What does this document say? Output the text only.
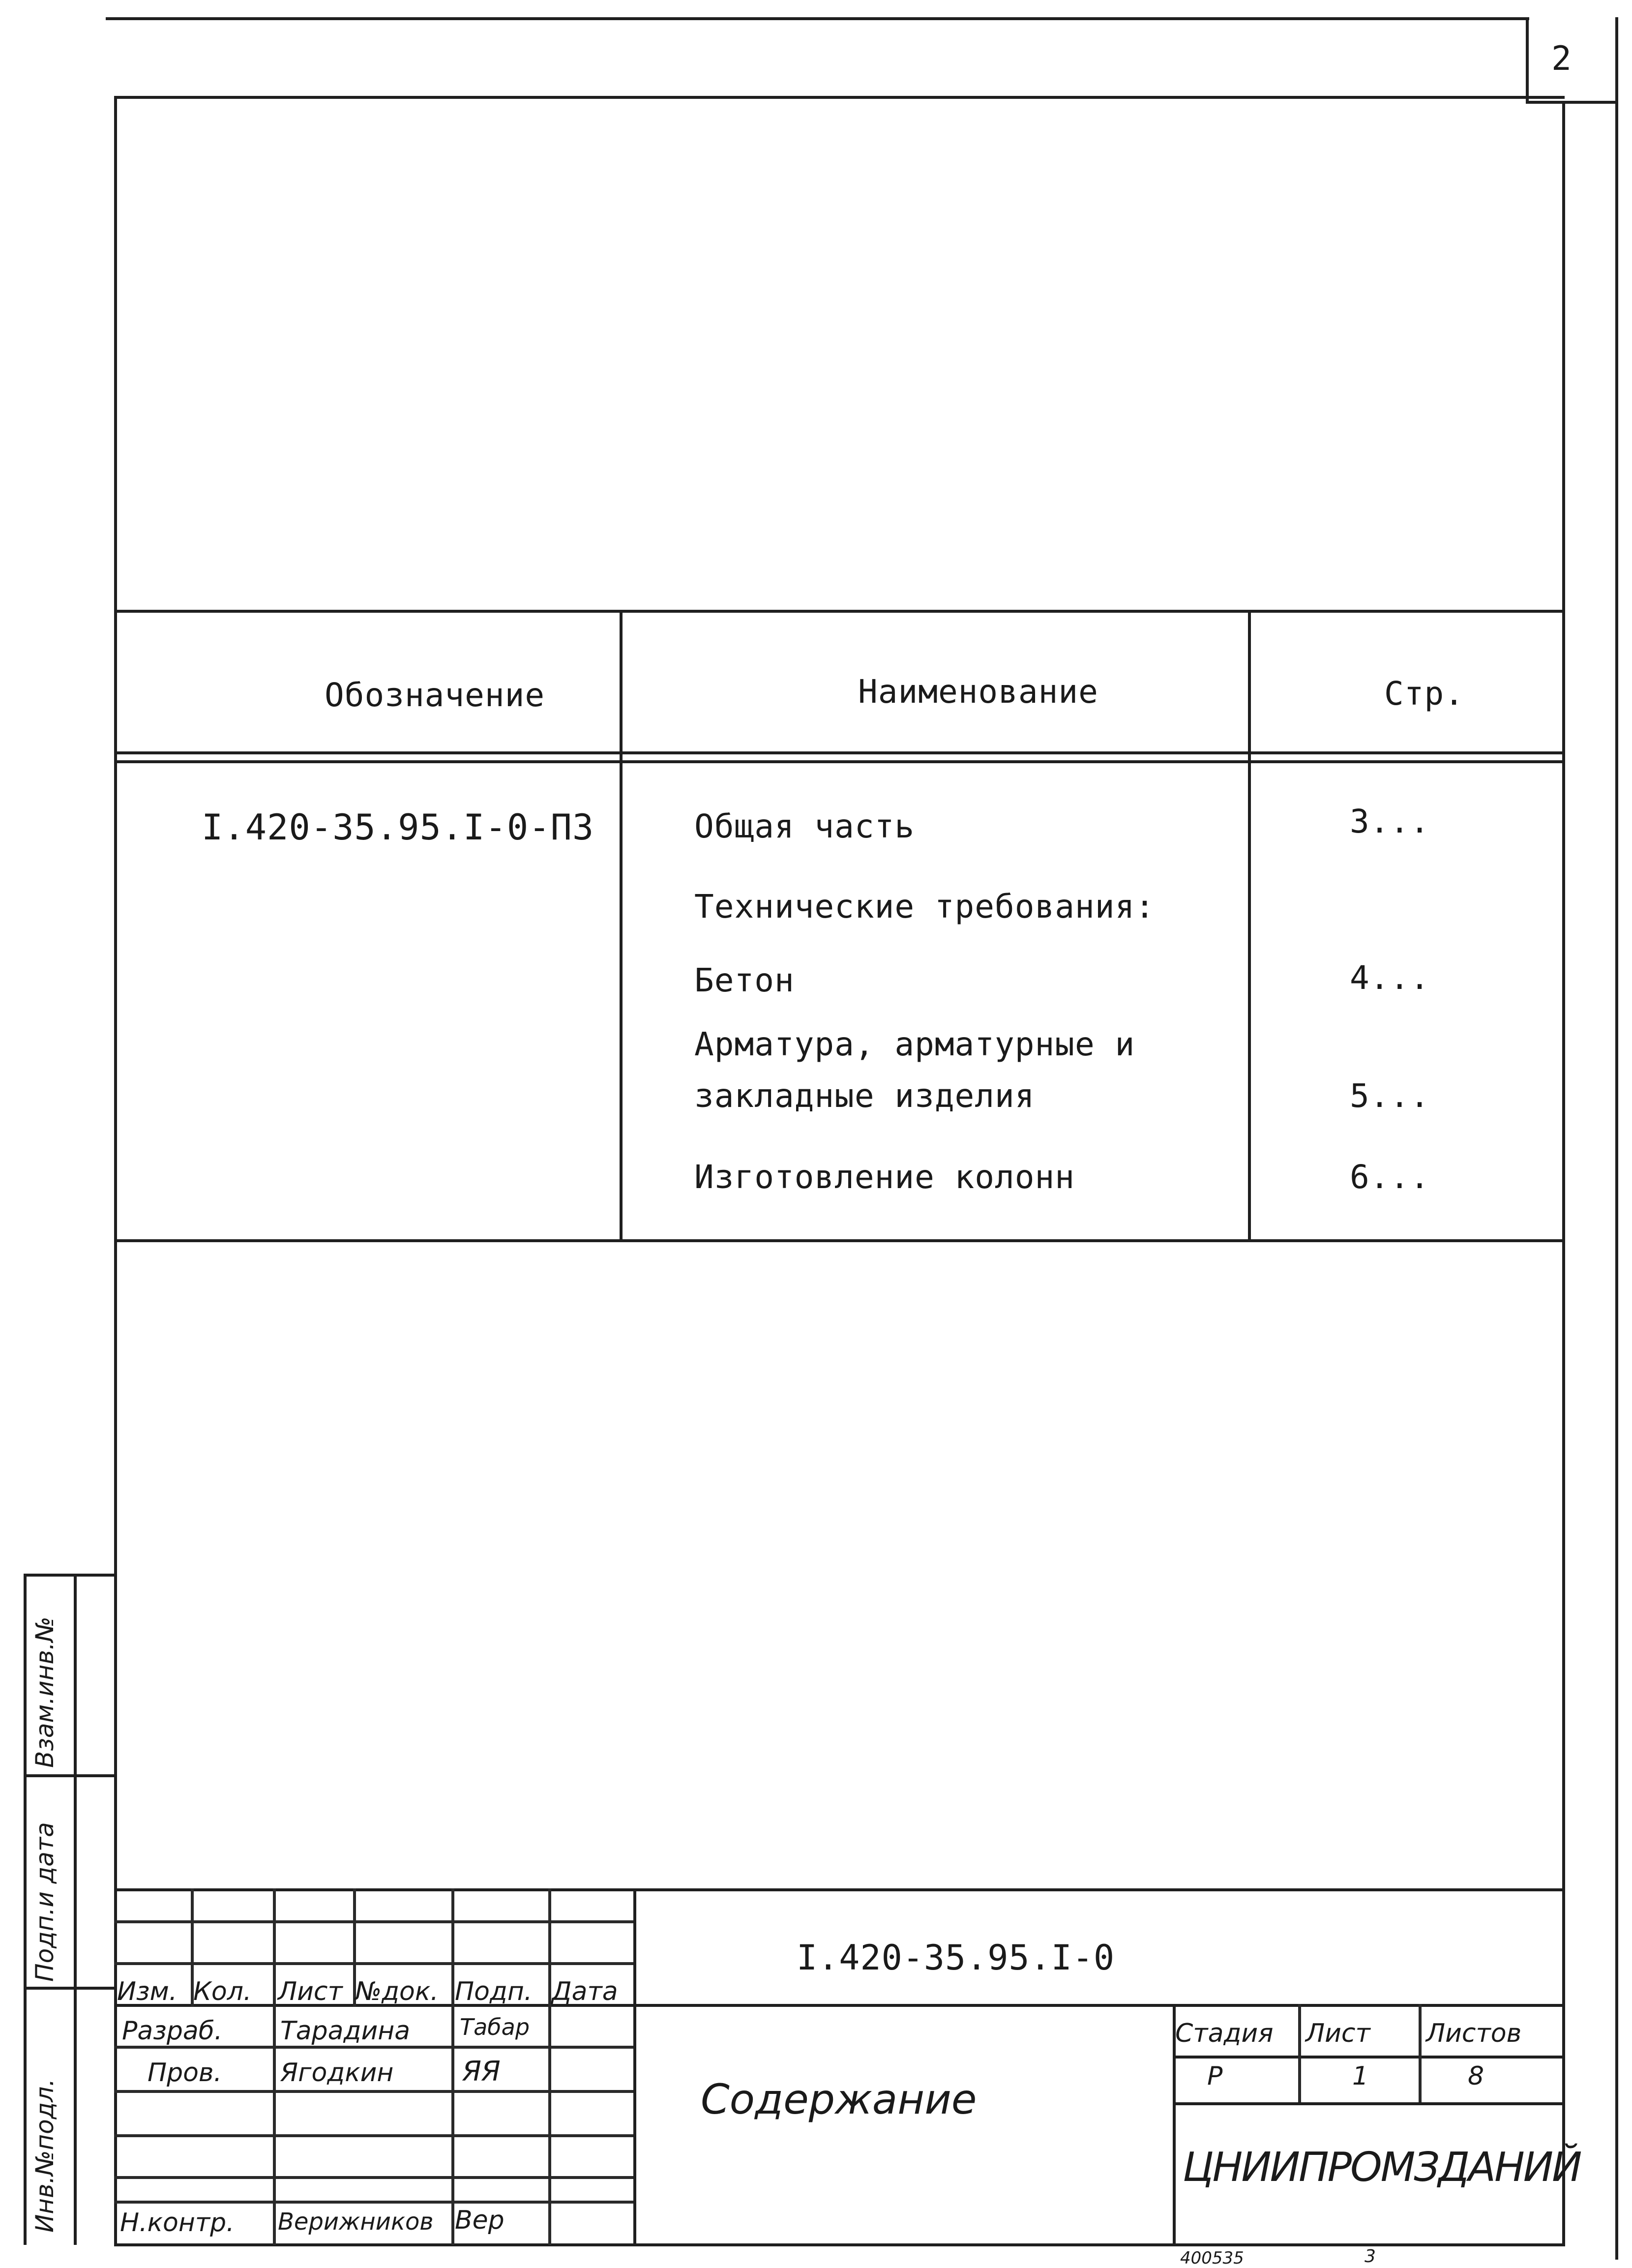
2
Обозначение	Наименование	Стр.
I.420-35.95.I-0-ПЗ	Общая часть	3...
Технические требования:
Бетон	4...
Арматура, арматурные и
закладные изделия	5...
Изготовление колонн	6...
Взам.инв.№
Подп.и дата
Инв.№подл.
I.420-35.95.I-0
Изм. Кол. Лист №док. Подп. Дата
Разраб. Тарадина Табар
Пров. Ягодкин ЯЯ
Н.контр. Верижников Вер
Содержание
Стадия Лист Листов
Р	1	8
ЦНИИПРОМЗДАНИЙ
400535	3
